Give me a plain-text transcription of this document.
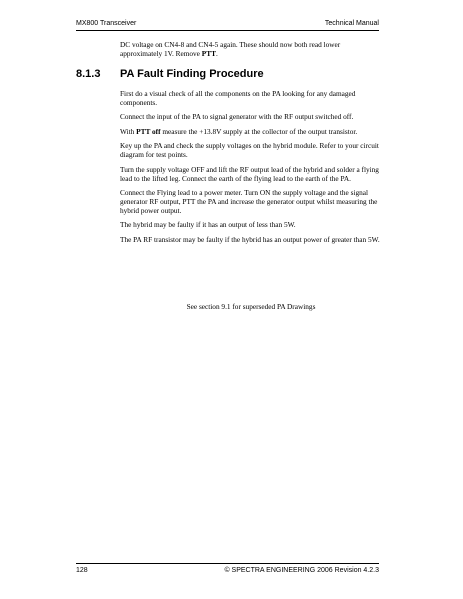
MX800 Transceiver	Technical Manual

DC voltage on CN4-8 and CN4-5 again. These should now both read lower approximately 1V. Remove PTT.

8.1.3 PA Fault Finding Procedure

First do a visual check of all the components on the PA looking for any damaged components.

Connect the input of the PA to signal generator with the RF output switched off.

With PTT off measure the +13.8V supply at the collector of the output transistor.

Key up the PA and check the supply voltages on the hybrid module. Refer to your circuit diagram for test points.

Turn the supply voltage OFF and lift the RF output lead of the hybrid and solder a flying lead to the lifted leg. Connect the earth of the flying lead to the earth of the PA.

Connect the Flying lead to a power meter. Turn ON the supply voltage and the signal generator RF output, PTT the PA and increase the generator output whilst measuring the hybrid power output.

The hybrid may be faulty if it has an output of less than 5W.

The PA RF transistor may be faulty if the hybrid has an output power of greater than 5W.

See section 9.1 for superseded PA Drawings
128	© SPECTRA ENGINEERING 2006 Revision 4.2.3
